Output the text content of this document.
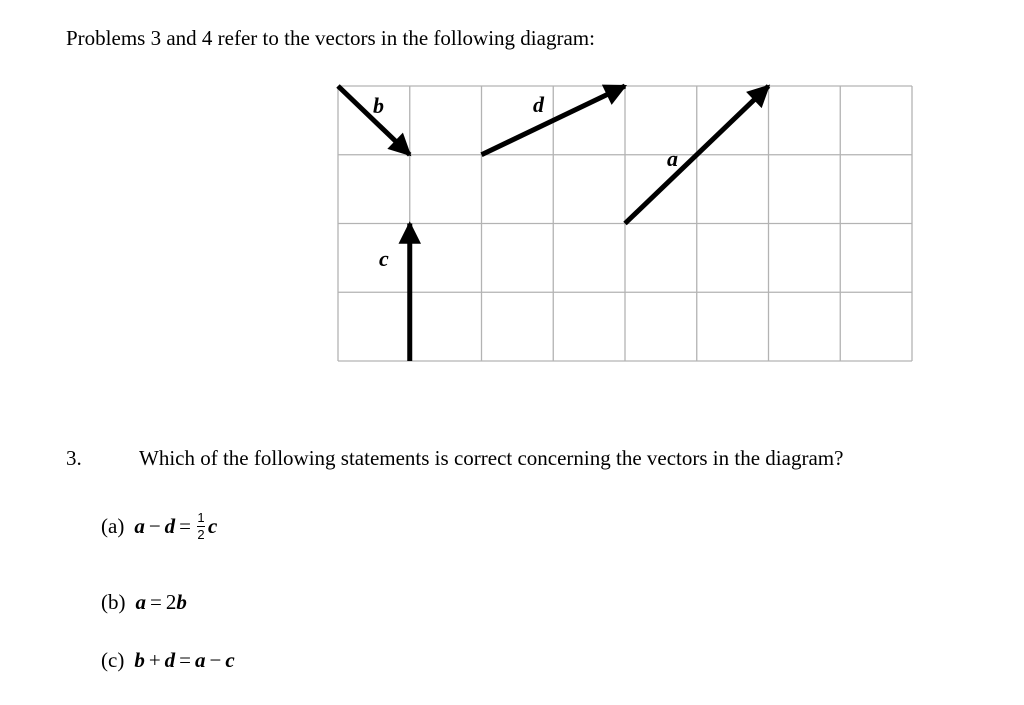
Problems 3 and 4 refer to the vectors in the following diagram:
b	d
a
c
3.	Which of the following statements is correct concerning the vectors in the diagram?
(a) $a - d = \frac{1}{2}$ c
(b) a = 2 b
(c) b + d = a − c
